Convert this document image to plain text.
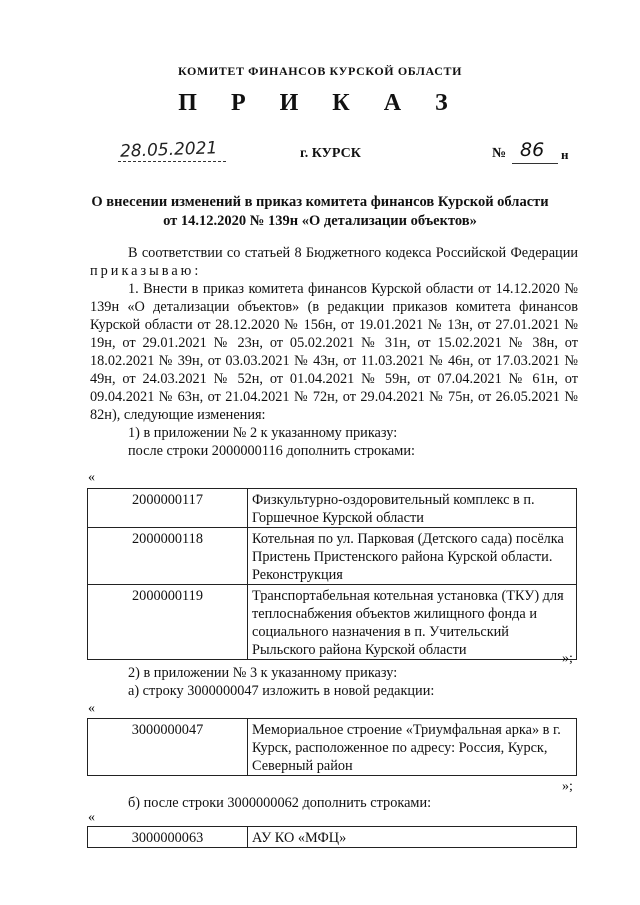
КОМИТЕТ ФИНАНСОВ КУРСКОЙ ОБЛАСТИ
П Р И К А З
28.05.2021	г. КУРСК	№ 86 н
О внесении изменений в приказ комитета финансов Курской области
от 14.12.2020 № 139н «О детализации объектов»

В соответствии со статьей 8 Бюджетного кодекса Российской Федерации приказываю:

1. Внести в приказ комитета финансов Курской области от 14.12.2020 № 139н «О детализации объектов» (в редакции приказов комитета финансов Курской области от 28.12.2020 № 156н, от 19.01.2021 № 13н, от 27.01.2021 № 19н, от 29.01.2021 № 23н, от 05.02.2021 № 31н, от 15.02.2021 № 38н, от 18.02.2021 № 39н, от 03.03.2021 № 43н, от 11.03.2021 № 46н, от 17.03.2021 № 49н, от 24.03.2021 № 52н, от 01.04.2021 № 59н, от 07.04.2021 № 61н, от 09.04.2021 № 63н, от 21.04.2021 № 72н, от 29.04.2021 № 75н, от 26.05.2021 № 82н), следующие изменения:

1) в приложении № 2 к указанному приказу:

после строки 2000000116 дополнить строками:

«
2000000117	Физкультурно-оздоровительный комплекс в п. Горшечное Курской области
2000000118	Котельная по ул. Парковая (Детского сада) посёлка Пристень Пристенского района Курской области. Реконструкция
2000000119	Транспортабельная котельная установка (ТКУ) для теплоснабжения объектов жилищного фонда и социального назначения в п. Учительский Рыльского района Курской области
»;

2) в приложении № 3 к указанному приказу:

а) строку 3000000047 изложить в новой редакции:

«
3000000047	Мемориальное строение «Триумфальная арка» в г. Курск, расположенное по адресу: Россия, Курск, Северный район
»;

б) после строки 3000000062 дополнить строками:

«
3000000063	АУ КО «МФЦ»
